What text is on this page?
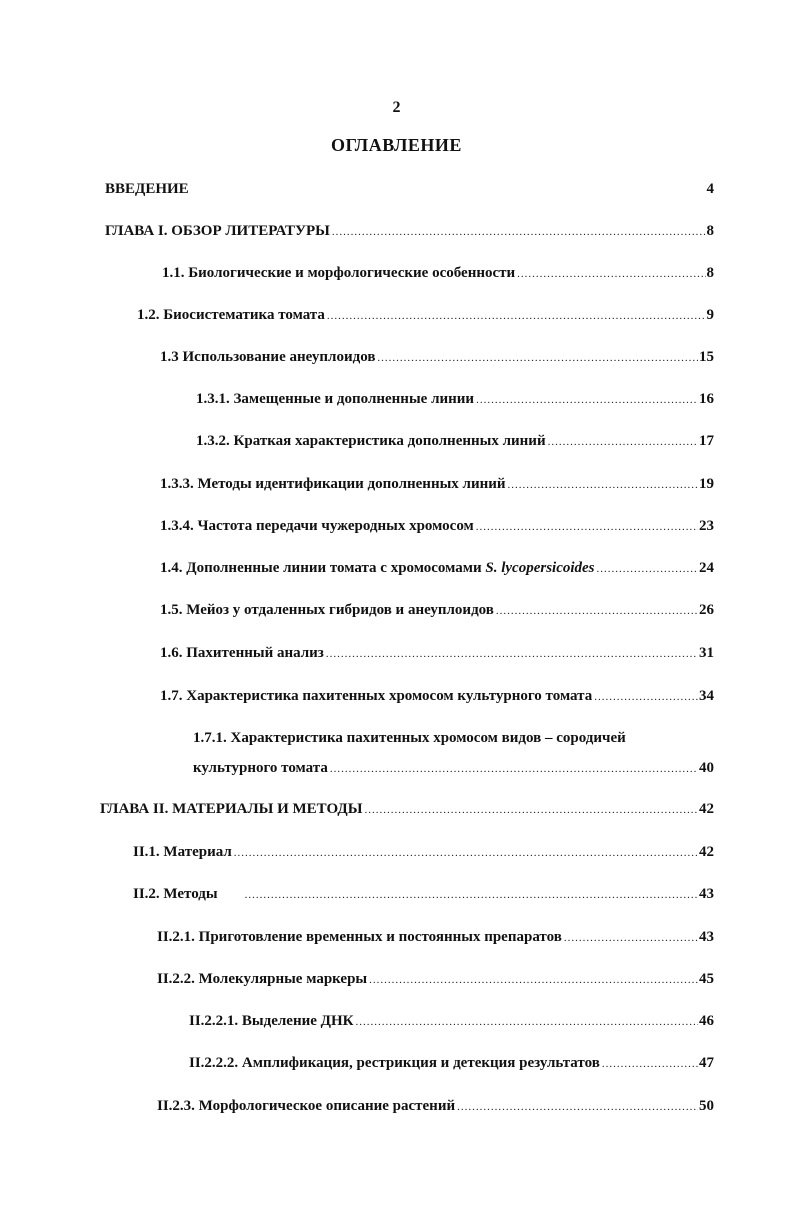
2
ОГЛАВЛЕНИЕ
ВВЕДЕНИЕ	4
ГЛАВА I. ОБЗОР ЛИТЕРАТУРЫ .....	8
1.1. Биологические и морфологические особенности .....	8
1.2. Биосистематика томата .....	9
1.3 Использование анеуплоидов .....	15
1.3.1. Замещенные и дополненные линии .....	16
1.3.2. Краткая характеристика дополненных линий .....	17
1.3.3. Методы идентификации дополненных линий .....	19
1.3.4. Частота передачи чужеродных хромосом .....	23
1.4. Дополненные линии томата с хромосомами S. lycopersicoides .....	24
1.5. Мейоз у отдаленных гибридов и анеуплоидов .....	26
1.6. Пахитенный анализ .....	31
1.7. Характеристика пахитенных хромосом культурного томата .....	34
1.7.1. Характеристика пахитенных хромосом видов – сородичей
культурного томата .....	40
ГЛАВА II. МАТЕРИАЛЫ И МЕТОДЫ .....	42
II.1. Материал .....	42
II.2. Методы .....	43
II.2.1. Приготовление временных и постоянных препаратов .....	43
II.2.2. Молекулярные маркеры .....	45
II.2.2.1. Выделение ДНК .....	46
II.2.2.2. Амплификация, рестрикция и детекция результатов .....	47
II.2.3. Морфологическое описание растений .....	50
